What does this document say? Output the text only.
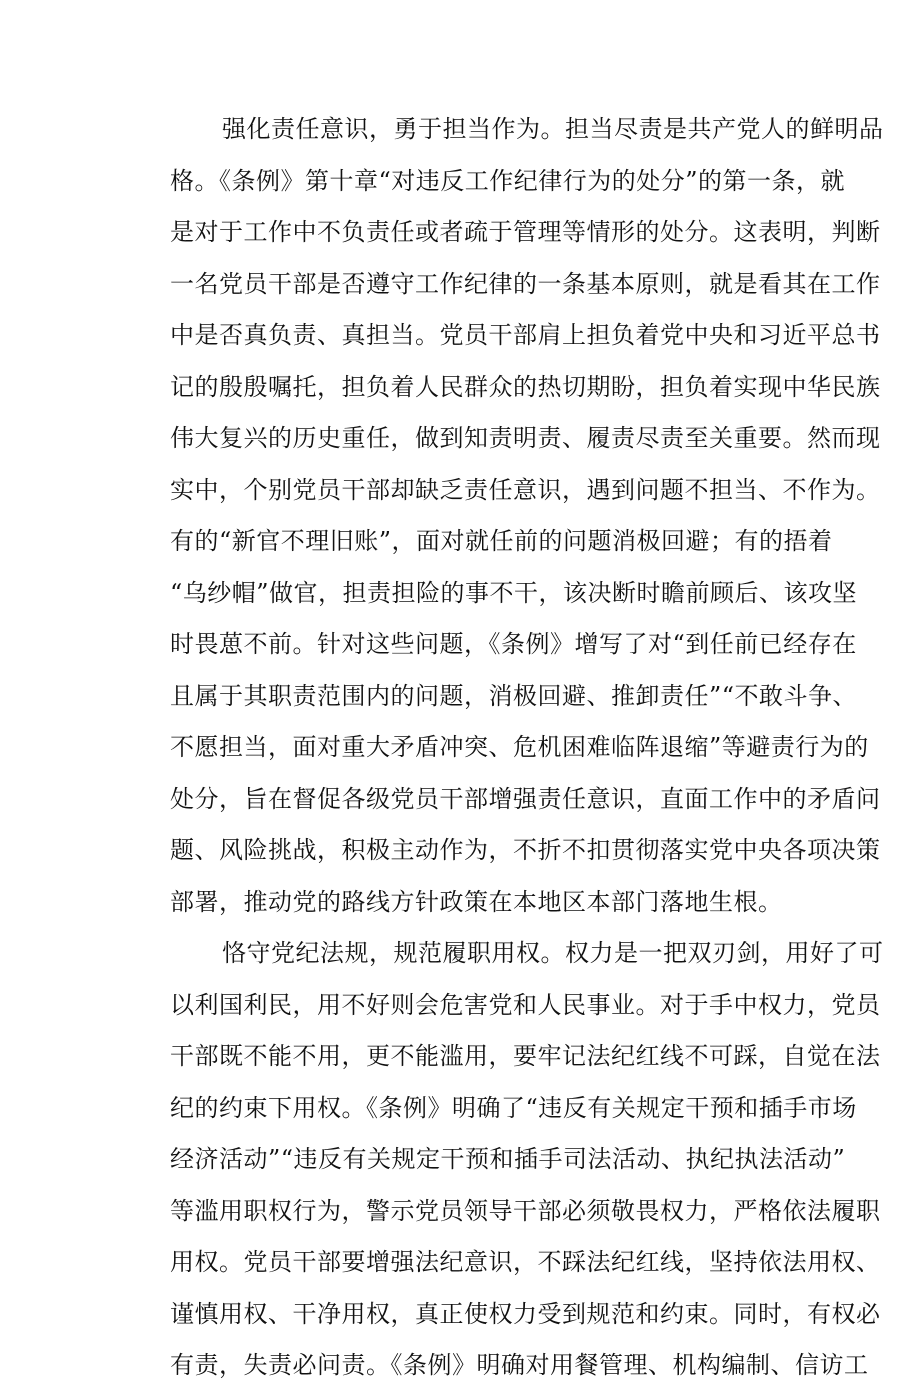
强化责任意识，勇于担当作为。担当尽责是共产党人的鲜明品
格。《条例》第十章“对违反工作纪律行为的处分”的第一条，就
是对于工作中不负责任或者疏于管理等情形的处分。这表明，判断
一名党员干部是否遵守工作纪律的一条基本原则，就是看其在工作
中是否真负责、真担当。党员干部肩上担负着党中央和习近平总书
记的殷殷嘱托，担负着人民群众的热切期盼，担负着实现中华民族
伟大复兴的历史重任，做到知责明责、履责尽责至关重要。然而现
实中，个别党员干部却缺乏责任意识，遇到问题不担当、不作为。
有的“新官不理旧账”，面对就任前的问题消极回避；有的捂着
“乌纱帽”做官，担责担险的事不干，该决断时瞻前顾后、该攻坚
时畏葸不前。针对这些问题，《条例》增写了对“到任前已经存在
且属于其职责范围内的问题，消极回避、推卸责任”“不敢斗争、
不愿担当，面对重大矛盾冲突、危机困难临阵退缩”等避责行为的
处分，旨在督促各级党员干部增强责任意识，直面工作中的矛盾问
题、风险挑战，积极主动作为，不折不扣贯彻落实党中央各项决策
部署，推动党的路线方针政策在本地区本部门落地生根。
恪守党纪法规，规范履职用权。权力是一把双刃剑，用好了可
以利国利民，用不好则会危害党和人民事业。对于手中权力，党员
干部既不能不用，更不能滥用，要牢记法纪红线不可踩，自觉在法
纪的约束下用权。《条例》明确了“违反有关规定干预和插手市场
经济活动”“违反有关规定干预和插手司法活动、执纪执法活动”
等滥用职权行为，警示党员领导干部必须敬畏权力，严格依法履职
用权。党员干部要增强法纪意识，不踩法纪红线，坚持依法用权、
谨慎用权、干净用权，真正使权力受到规范和约束。同时，有权必
有责，失责必问责。《条例》明确对用餐管理、机构编制、信访工
